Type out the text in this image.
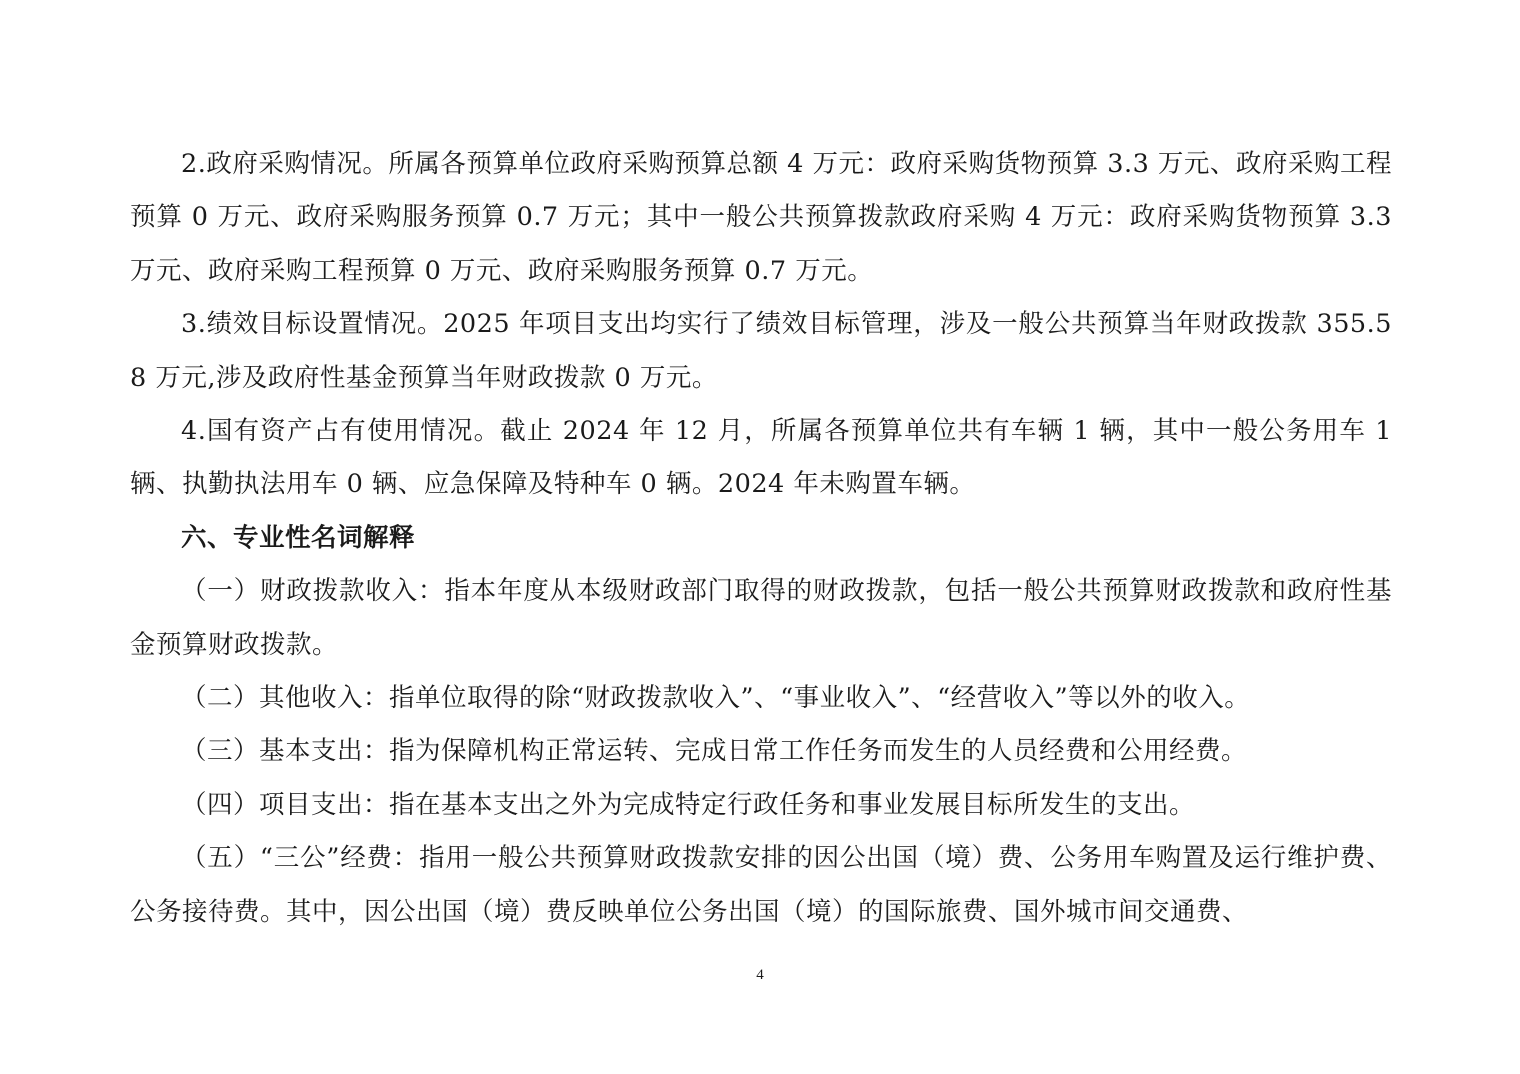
2.政府采购情况。所属各预算单位政府采购预算总额 4 万元：政府采购货物预算 3.3 万元、政府采购工程预算 0 万元、政府采购服务预算 0.7 万元；其中一般公共预算拨款政府采购 4 万元：政府采购货物预算 3.3 万元、政府采购工程预算 0 万元、政府采购服务预算 0.7 万元。

3.绩效目标设置情况。2025 年项目支出均实行了绩效目标管理，涉及一般公共预算当年财政拨款 355.58 万元,涉及政府性基金预算当年财政拨款 0 万元。

4.国有资产占有使用情况。截止 2024 年 12 月，所属各预算单位共有车辆 1 辆，其中一般公务用车 1 辆、执勤执法用车 0 辆、应急保障及特种车 0 辆。2024 年未购置车辆。

六、专业性名词解释

（一）财政拨款收入：指本年度从本级财政部门取得的财政拨款，包括一般公共预算财政拨款和政府性基金预算财政拨款。

（二）其他收入：指单位取得的除“财政拨款收入”、“事业收入”、“经营收入”等以外的收入。

（三）基本支出：指为保障机构正常运转、完成日常工作任务而发生的人员经费和公用经费。

（四）项目支出：指在基本支出之外为完成特定行政任务和事业发展目标所发生的支出。

（五）“三公”经费：指用一般公共预算财政拨款安排的因公出国（境）费、公务用车购置及运行维护费、公务接待费。其中，因公出国（境）费反映单位公务出国（境）的国际旅费、国外城市间交通费、

4
